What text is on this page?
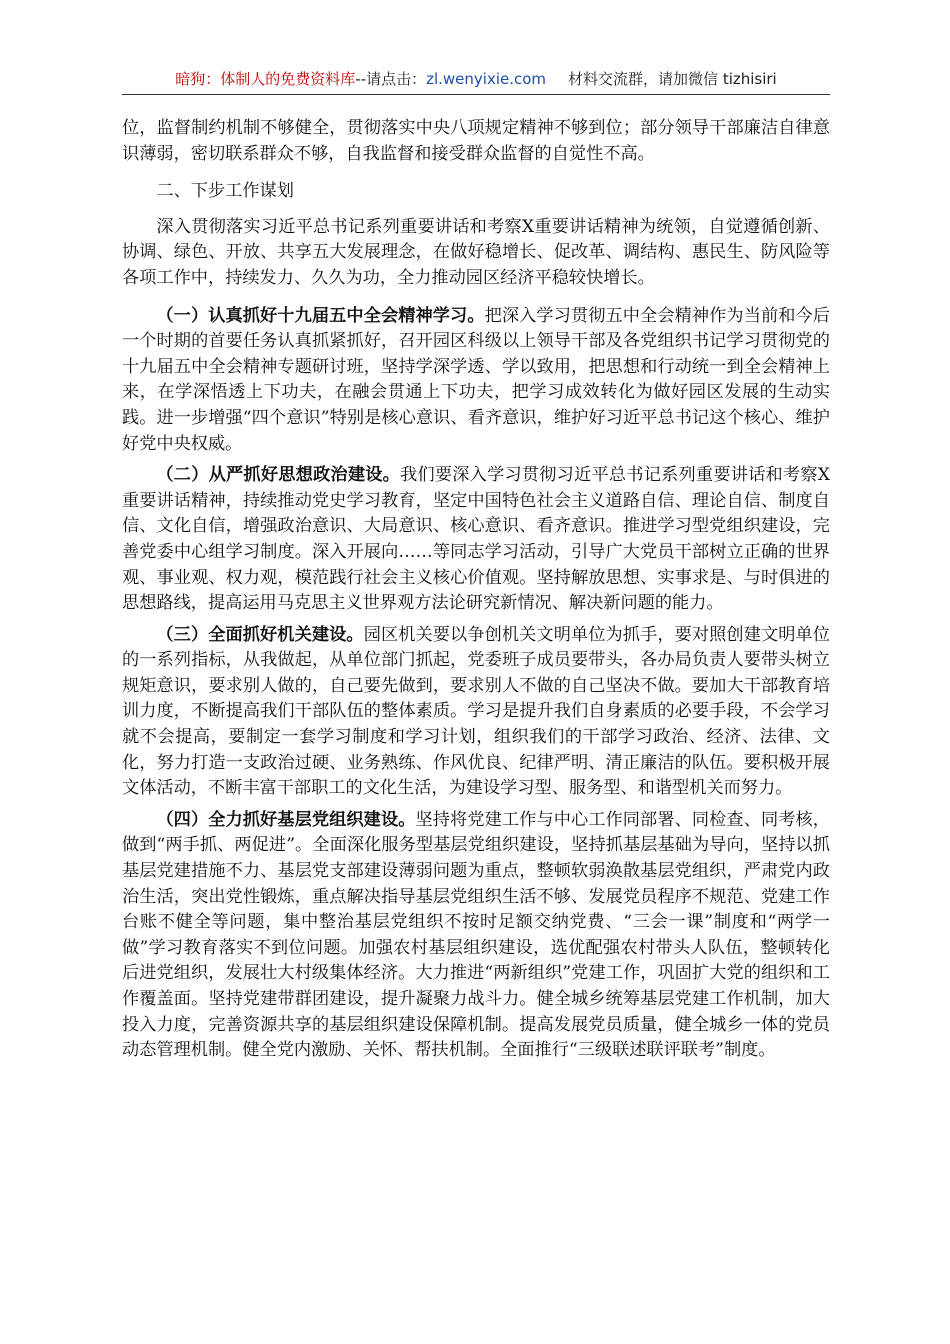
暗狗：体制人的免费资料库--请点击：zl.wenyixie.com 材料交流群，请加微信 tizhisiri

位，监督制约机制不够健全，贯彻落实中央八项规定精神不够到位；部分领导干部廉洁自律意识薄弱，密切联系群众不够，自我监督和接受群众监督的自觉性不高。

二、下步工作谋划

深入贯彻落实习近平总书记系列重要讲话和考察X重要讲话精神为统领，自觉遵循创新、协调、绿色、开放、共享五大发展理念，在做好稳增长、促改革、调结构、惠民生、防风险等各项工作中，持续发力、久久为功，全力推动园区经济平稳较快增长。

（一）认真抓好十九届五中全会精神学习。把深入学习贯彻五中全会精神作为当前和今后一个时期的首要任务认真抓紧抓好，召开园区科级以上领导干部及各党组织书记学习贯彻党的十九届五中全会精神专题研讨班，坚持学深学透、学以致用，把思想和行动统一到全会精神上来，在学深悟透上下功夫，在融会贯通上下功夫，把学习成效转化为做好园区发展的生动实践。进一步增强“四个意识”特别是核心意识、看齐意识，维护好习近平总书记这个核心、维护好党中央权威。

（二）从严抓好思想政治建设。我们要深入学习贯彻习近平总书记系列重要讲话和考察X重要讲话精神，持续推动党史学习教育，坚定中国特色社会主义道路自信、理论自信、制度自信、文化自信，增强政治意识、大局意识、核心意识、看齐意识。推进学习型党组织建设，完善党委中心组学习制度。深入开展向……等同志学习活动，引导广大党员干部树立正确的世界观、事业观、权力观，模范践行社会主义核心价值观。坚持解放思想、实事求是、与时俱进的思想路线，提高运用马克思主义世界观方法论研究新情况、解决新问题的能力。

（三）全面抓好机关建设。园区机关要以争创机关文明单位为抓手，要对照创建文明单位的一系列指标，从我做起，从单位部门抓起，党委班子成员要带头，各办局负责人要带头树立规矩意识，要求别人做的，自己要先做到，要求别人不做的自己坚决不做。要加大干部教育培训力度，不断提高我们干部队伍的整体素质。学习是提升我们自身素质的必要手段，不会学习就不会提高，要制定一套学习制度和学习计划，组织我们的干部学习政治、经济、法律、文化，努力打造一支政治过硬、业务熟练、作风优良、纪律严明、清正廉洁的队伍。要积极开展文体活动，不断丰富干部职工的文化生活，为建设学习型、服务型、和谐型机关而努力。

（四）全力抓好基层党组织建设。坚持将党建工作与中心工作同部署、同检查、同考核，做到“两手抓、两促进”。全面深化服务型基层党组织建设，坚持抓基层基础为导向，坚持以抓基层党建措施不力、基层党支部建设薄弱问题为重点，整顿软弱涣散基层党组织，严肃党内政治生活，突出党性锻炼，重点解决指导基层党组织生活不够、发展党员程序不规范、党建工作台账不健全等问题，集中整治基层党组织不按时足额交纳党费、“三会一课”制度和“两学一做”学习教育落实不到位问题。加强农村基层组织建设，选优配强农村带头人队伍，整顿转化后进党组织，发展壮大村级集体经济。大力推进“两新组织”党建工作，巩固扩大党的组织和工作覆盖面。坚持党建带群团建设，提升凝聚力战斗力。健全城乡统筹基层党建工作机制，加大投入力度，完善资源共享的基层组织建设保障机制。提高发展党员质量，健全城乡一体的党员动态管理机制。健全党内激励、关怀、帮扶机制。全面推行“三级联述联评联考”制度。
